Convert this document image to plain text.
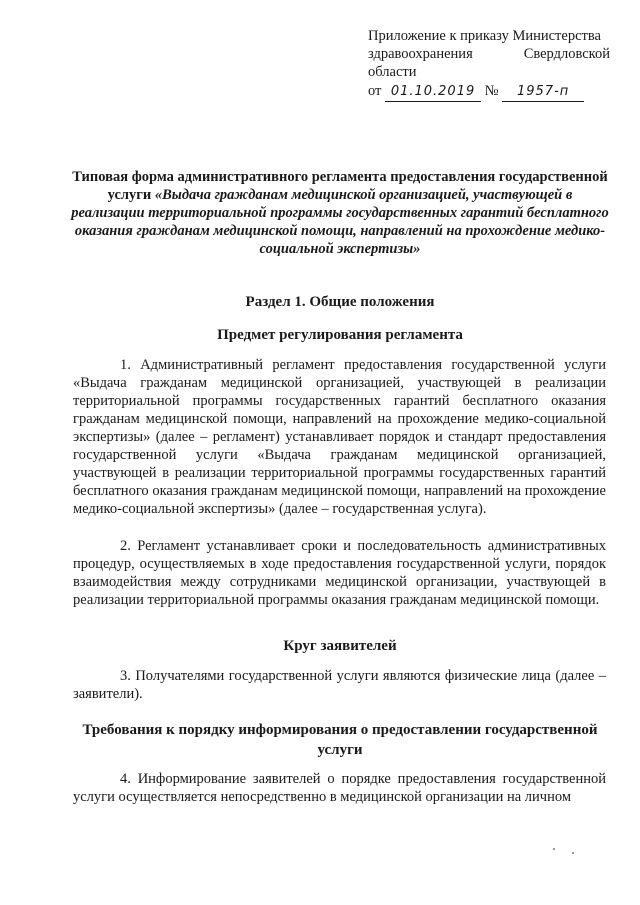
Приложение к приказу Министерства
здравоохранения	Свердловской
области
от 01.10.2019 № 1957-п
Типовая форма административного регламента предоставления государственной услуги «Выдача гражданам медицинской организацией, участвующей в реализации территориальной программы государственных гарантий бесплатного оказания гражданам медицинской помощи, направлений на прохождение медико-социальной экспертизы»
Раздел 1. Общие положения
Предмет регулирования регламента
1. Административный регламент предоставления государственной услуги «Выдача гражданам медицинской организацией, участвующей в реализации территориальной программы государственных гарантий бесплатного оказания гражданам медицинской помощи, направлений на прохождение медико-социальной экспертизы» (далее – регламент) устанавливает порядок и стандарт предоставления государственной услуги «Выдача гражданам медицинской организацией, участвующей в реализации территориальной программы государственных гарантий бесплатного оказания гражданам медицинской помощи, направлений на прохождение медико-социальной экспертизы» (далее – государственная услуга).
2. Регламент устанавливает сроки и последовательность административных процедур, осуществляемых в ходе предоставления государственной услуги, порядок взаимодействия между сотрудниками медицинской организации, участвующей в реализации территориальной программы оказания гражданам медицинской помощи.
Круг заявителей
3. Получателями государственной услуги являются физические лица (далее – заявители).
Требования к порядку информирования о предоставлении государственной услуги
4. Информирование заявителей о порядке предоставления государственной услуги осуществляется непосредственно в медицинской организации на личном
